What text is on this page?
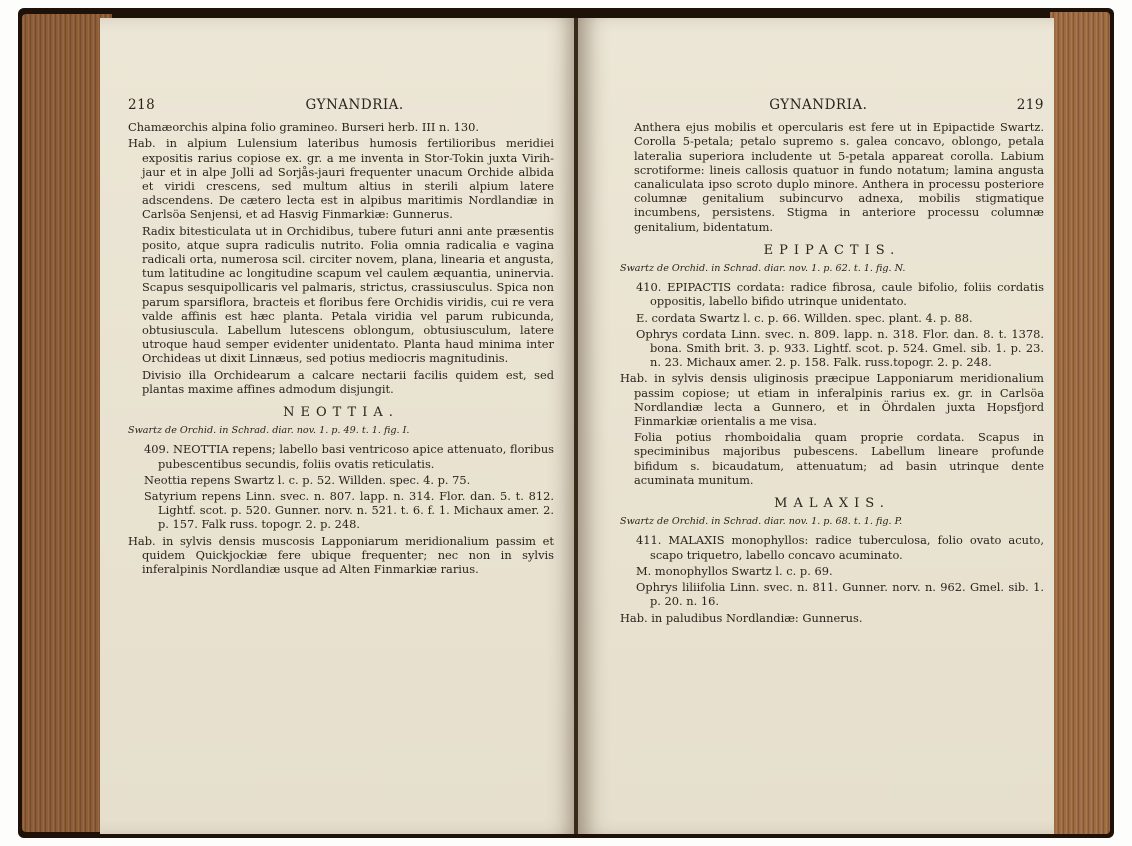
218	GYNANDRIA.

Chamæorchis alpina folio gramineo. Burseri herb. III n. 130.

Hab. in alpium Lulensium lateribus humosis fertilioribus meridiei expositis rarius copiose ex. gr. a me inventa in Stor-Tokin juxta Virih-jaur et in alpe Jolli ad Sorjås-jauri frequenter unacum Orchide albida et viridi crescens, sed multum altius in sterili alpium latere adscendens. De cætero lecta est in alpibus maritimis Nordlandiæ in Carlsöa Senjensi, et ad Hasvig Finmarkiæ: Gunnerus.

Radix bitesticulata ut in Orchidibus, tubere futuri anni ante præsentis posito, atque supra radiculis nutrito. Folia omnia radicalia e vagina radicali orta, numerosa scil. circiter novem, plana, linearia et angusta, tum latitudine ac longitudine scapum vel caulem æquantia, uninervia. Scapus sesquipollicaris vel palmaris, strictus, crassiusculus. Spica non parum sparsiflora, bracteis et floribus fere Orchidis viridis, cui re vera valde affinis est hæc planta. Petala viridia vel parum rubicunda, obtusiuscula. Labellum lutescens oblongum, obtusiusculum, latere utroque haud semper evidenter unidentato. Planta haud minima inter Orchideas ut dixit Linnæus, sed potius mediocris magnitudinis.

Divisio illa Orchidearum a calcare nectarii facilis quidem est, sed plantas maxime affines admodum disjungit.

NEOTTIA.
Swartz de Orchid. in Schrad. diar. nov. 1. p. 49. t. 1. fig. I.

409. NEOTTIA repens; labello basi ventricoso apice attenuato, floribus pubescentibus secundis, foliis ovatis reticulatis.

Neottia repens Swartz l. c. p. 52. Willden. spec. 4. p. 75.

Satyrium repens Linn. svec. n. 807. lapp. n. 314. Flor. dan. 5. t. 812. Lightf. scot. p. 520. Gunner. norv. n. 521. t. 6. f. 1. Michaux amer. 2. p. 157. Falk russ. topogr. 2. p. 248.

Hab. in sylvis densis muscosis Lapponiarum meridionalium passim et quidem Quickjockiæ fere ubique frequenter; nec non in sylvis inferalpinis Nordlandiæ usque ad Alten Finmarkiæ rarius.

GYNANDRIA.	219

Anthera ejus mobilis et opercularis est fere ut in Epipactide Swartz. Corolla 5-petala; petalo supremo s. galea concavo, oblongo, petala lateralia superiora includente ut 5-petala appareat corolla. Labium scrotiforme: lineis callosis quatuor in fundo notatum; lamina angusta canaliculata ipso scroto duplo minore. Anthera in processu posteriore columnæ genitalium subincurvo adnexa, mobilis stigmatique incumbens, persistens. Stigma in anteriore processu columnæ genitalium, bidentatum.

EPIPACTIS.
Swartz de Orchid. in Schrad. diar. nov. 1. p. 62. t. 1. fig. N.

410. EPIPACTIS cordata: radice fibrosa, caule bifolio, foliis cordatis oppositis, labello bifido utrinque unidentato.

E. cordata Swartz l. c. p. 66. Willden. spec. plant. 4. p. 88.

Ophrys cordata Linn. svec. n. 809. lapp. n. 318. Flor. dan. 8. t. 1378. bona. Smith brit. 3. p. 933. Lightf. scot. p. 524. Gmel. sib. 1. p. 23. n. 23. Michaux amer. 2. p. 158. Falk. russ.topogr. 2. p. 248.

Hab. in sylvis densis uliginosis præcipue Lapponiarum meridionalium passim copiose; ut etiam in inferalpinis rarius ex. gr. in Carlsöa Nordlandiæ lecta a Gunnero, et in Öhrdalen juxta Hopsfjord Finmarkiæ orientalis a me visa.

Folia potius rhomboidalia quam proprie cordata. Scapus in speciminibus majoribus pubescens. Labellum lineare profunde bifidum s. bicaudatum, attenuatum; ad basin utrinque dente acuminata munitum.

MALAXIS.
Swartz de Orchid. in Schrad. diar. nov. 1. p. 68. t. 1. fig. P.

411. MALAXIS monophyllos: radice tuberculosa, folio ovato acuto, scapo triquetro, labello concavo acuminato.

M. monophyllos Swartz l. c. p. 69.

Ophrys liliifolia Linn. svec. n. 811. Gunner. norv. n. 962. Gmel. sib. 1. p. 20. n. 16.

Hab. in paludibus Nordlandiæ: Gunnerus.
